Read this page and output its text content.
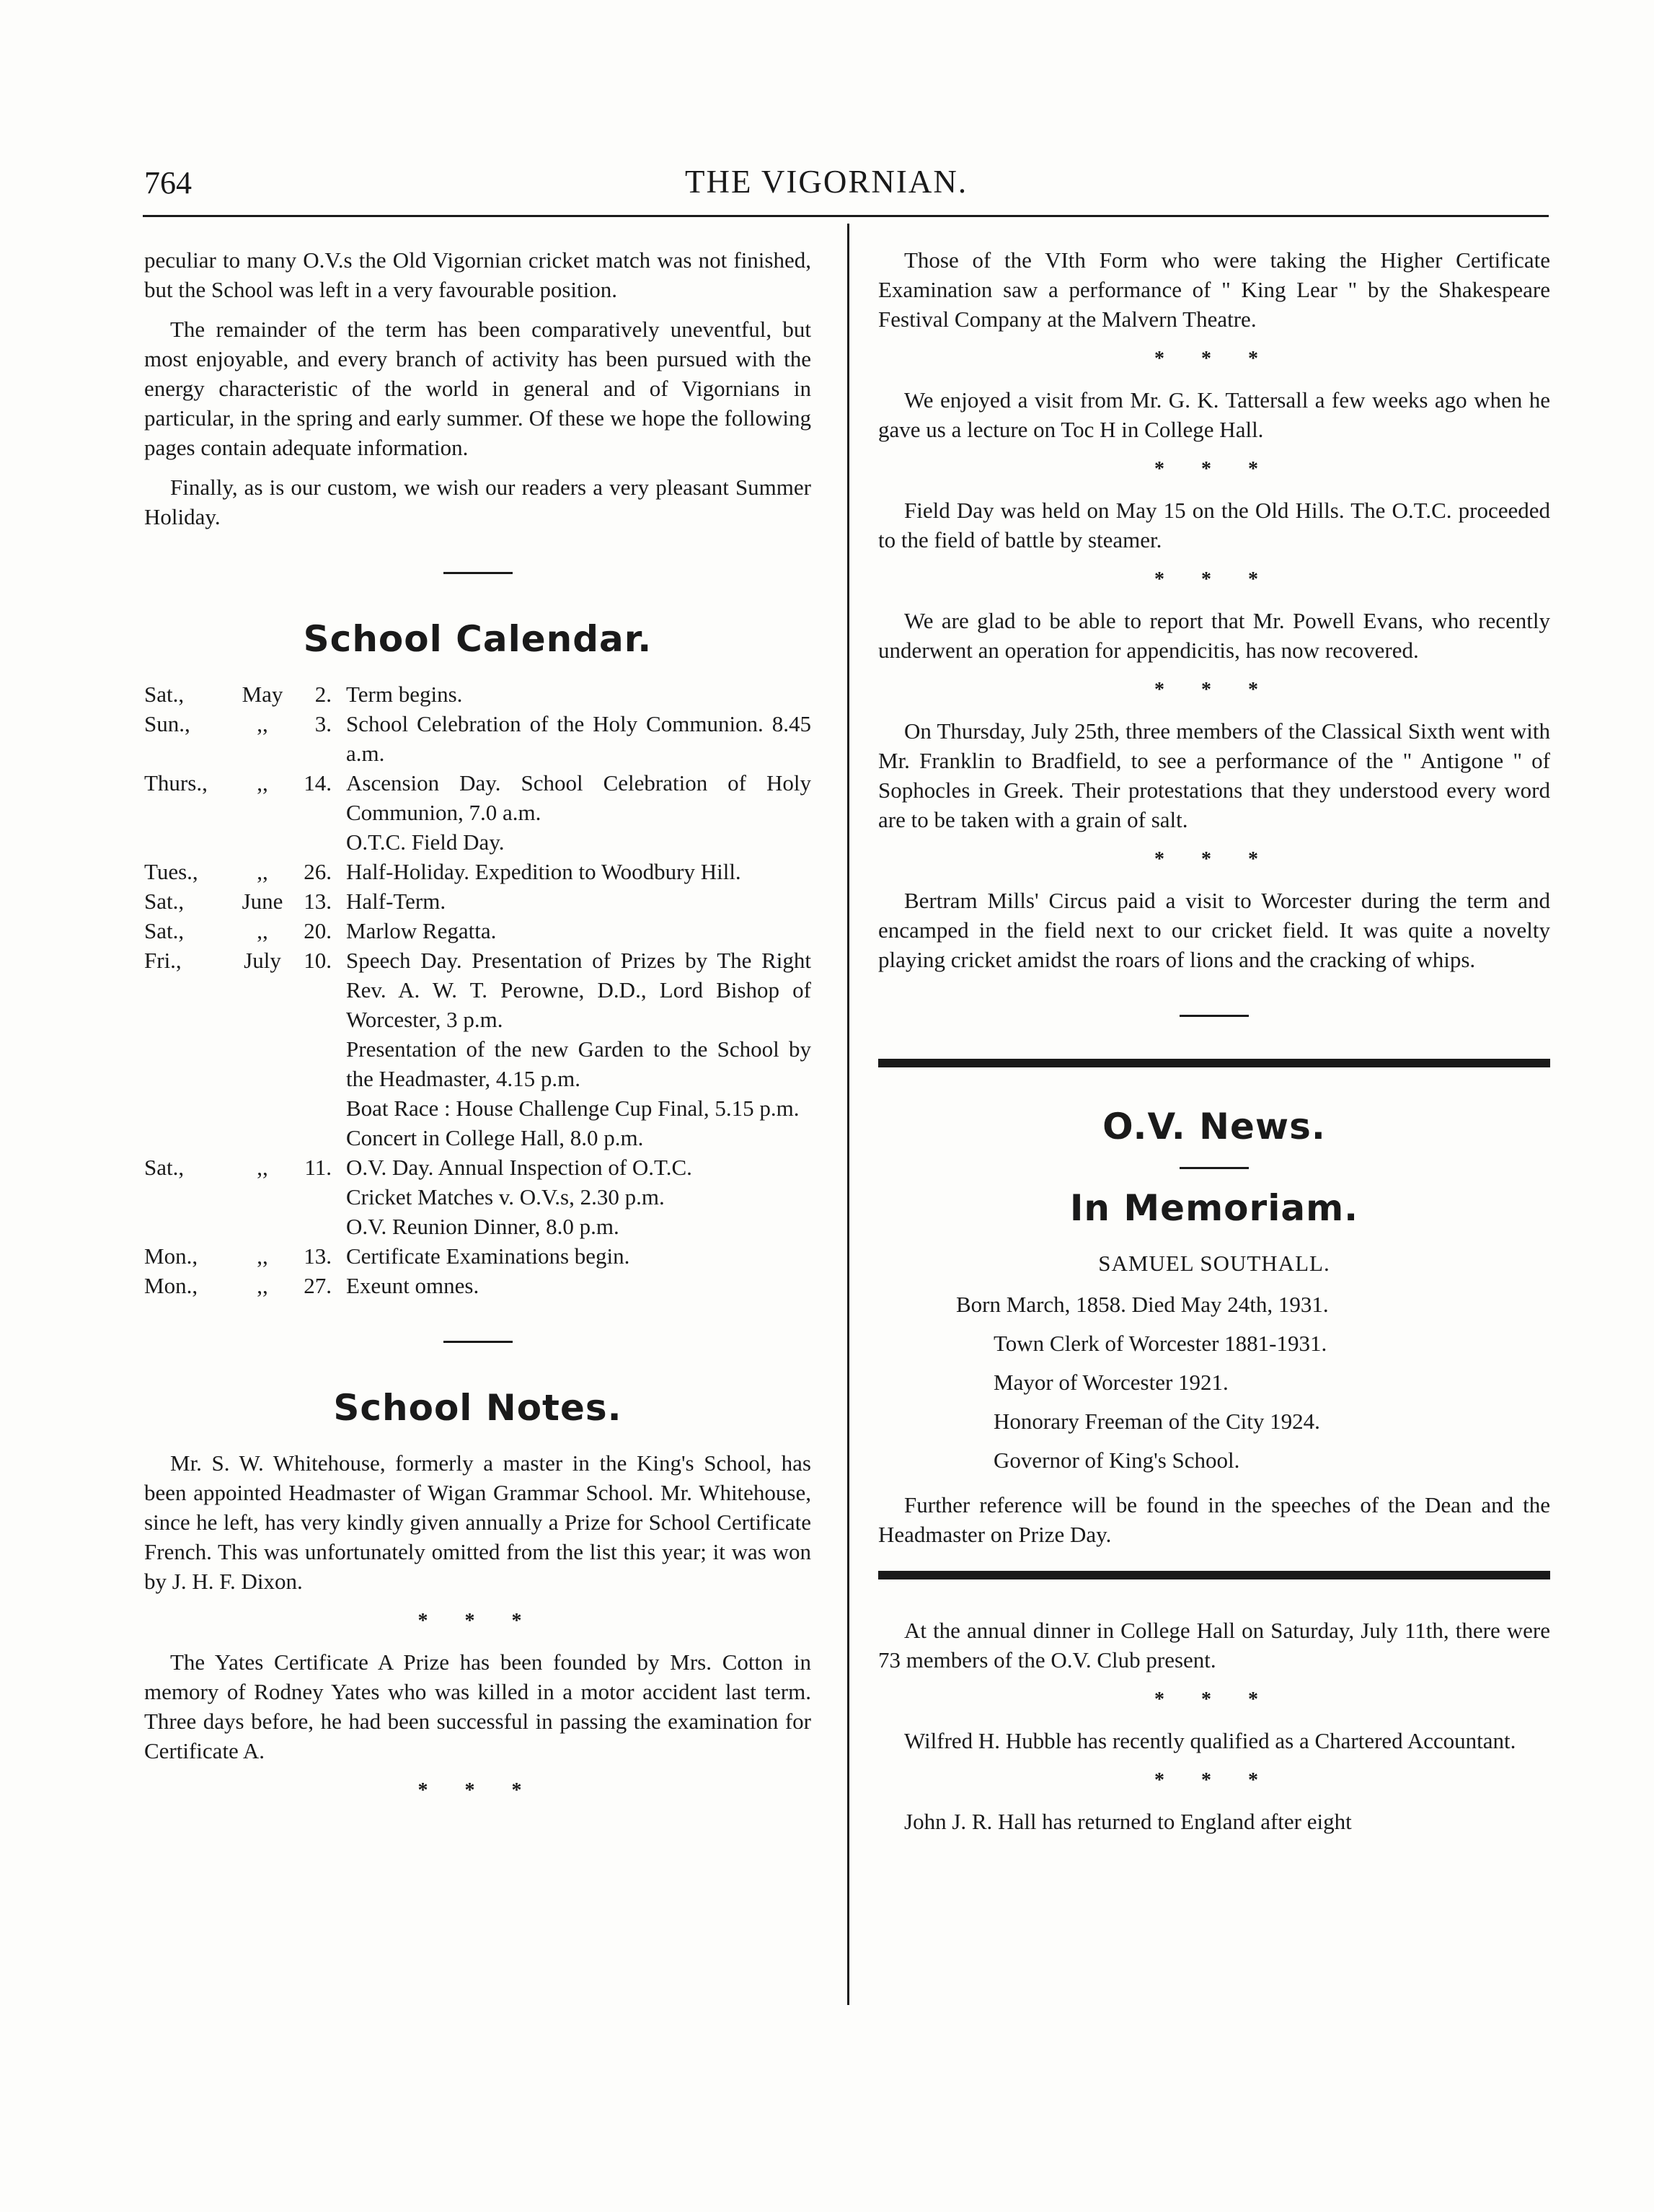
764	THE VIGORNIAN.

peculiar to many O.V.s the Old Vigornian cricket match was not finished, but the School was left in a very favourable position.

The remainder of the term has been comparatively uneventful, but most enjoyable, and every branch of activity has been pursued with the energy characteristic of the world in general and of Vigornians in particular, in the spring and early summer. Of these we hope the following pages contain adequate information.

Finally, as is our custom, we wish our readers a very pleasant Summer Holiday.

School Calendar.
Sat.,	May	2. Term begins.
Sun.,	,,	3. School Celebration of the Holy Communion. 8.45 a.m.
Thurs.,	,,	14. Ascension Day. School Celebration of Holy Communion, 7.0 a.m.
O.T.C. Field Day.
Tues.,	,,	26. Half-Holiday. Expedition to Woodbury Hill.
Sat.,	June 13. Half-Term.
Sat.,	,,	20. Marlow Regatta.
Fri.,	July	10. Speech Day. Presentation of Prizes by The Right Rev. A. W. T. Perowne, D.D., Lord Bishop of Worcester, 3 p.m.
Presentation of the new Garden to the School by the Headmaster, 4.15 p.m.
Boat Race : House Challenge Cup Final, 5.15 p.m.
Concert in College Hall, 8.0 p.m.
Sat.,	,,	11. O.V. Day. Annual Inspection of O.T.C.
Cricket Matches v. O.V.s, 2.30 p.m.
O.V. Reunion Dinner, 8.0 p.m.
Mon.,	,,	13. Certificate Examinations begin.
Mon.,	,,	27. Exeunt omnes.
School Notes.

Mr. S. W. Whitehouse, formerly a master in the King's School, has been appointed Headmaster of Wigan Grammar School. Mr. Whitehouse, since he left, has very kindly given annually a Prize for School Certificate French. This was unfortunately omitted from the list this year; it was won by J. H. F. Dixon.

* * *

The Yates Certificate A Prize has been founded by Mrs. Cotton in memory of Rodney Yates who was killed in a motor accident last term. Three days before, he had been successful in passing the examination for Certificate A.

* * *

Those of the VIth Form who were taking the Higher Certificate Examination saw a performance of " King Lear " by the Shakespeare Festival Company at the Malvern Theatre.

* * *

We enjoyed a visit from Mr. G. K. Tattersall a few weeks ago when he gave us a lecture on Toc H in College Hall.

* * *

Field Day was held on May 15 on the Old Hills. The O.T.C. proceeded to the field of battle by steamer.

* * *

We are glad to be able to report that Mr. Powell Evans, who recently underwent an operation for appendicitis, has now recovered.

* * *

On Thursday, July 25th, three members of the Classical Sixth went with Mr. Franklin to Bradfield, to see a performance of the " Antigone " of Sophocles in Greek. Their protestations that they understood every word are to be taken with a grain of salt.

* * *

Bertram Mills' Circus paid a visit to Worcester during the term and encamped in the field next to our cricket field. It was quite a novelty playing cricket amidst the roars of lions and the cracking of whips.

O.V. News.
In Memoriam.
SAMUEL SOUTHALL.
Born March, 1858. Died May 24th, 1931.
Town Clerk of Worcester 1881-1931.
Mayor of Worcester 1921.
Honorary Freeman of the City 1924.
Governor of King's School.

Further reference will be found in the speeches of the Dean and the Headmaster on Prize Day.

At the annual dinner in College Hall on Saturday, July 11th, there were 73 members of the O.V. Club present.

* * *

Wilfred H. Hubble has recently qualified as a Chartered Accountant.

* * *

John J. R. Hall has returned to England after eight
